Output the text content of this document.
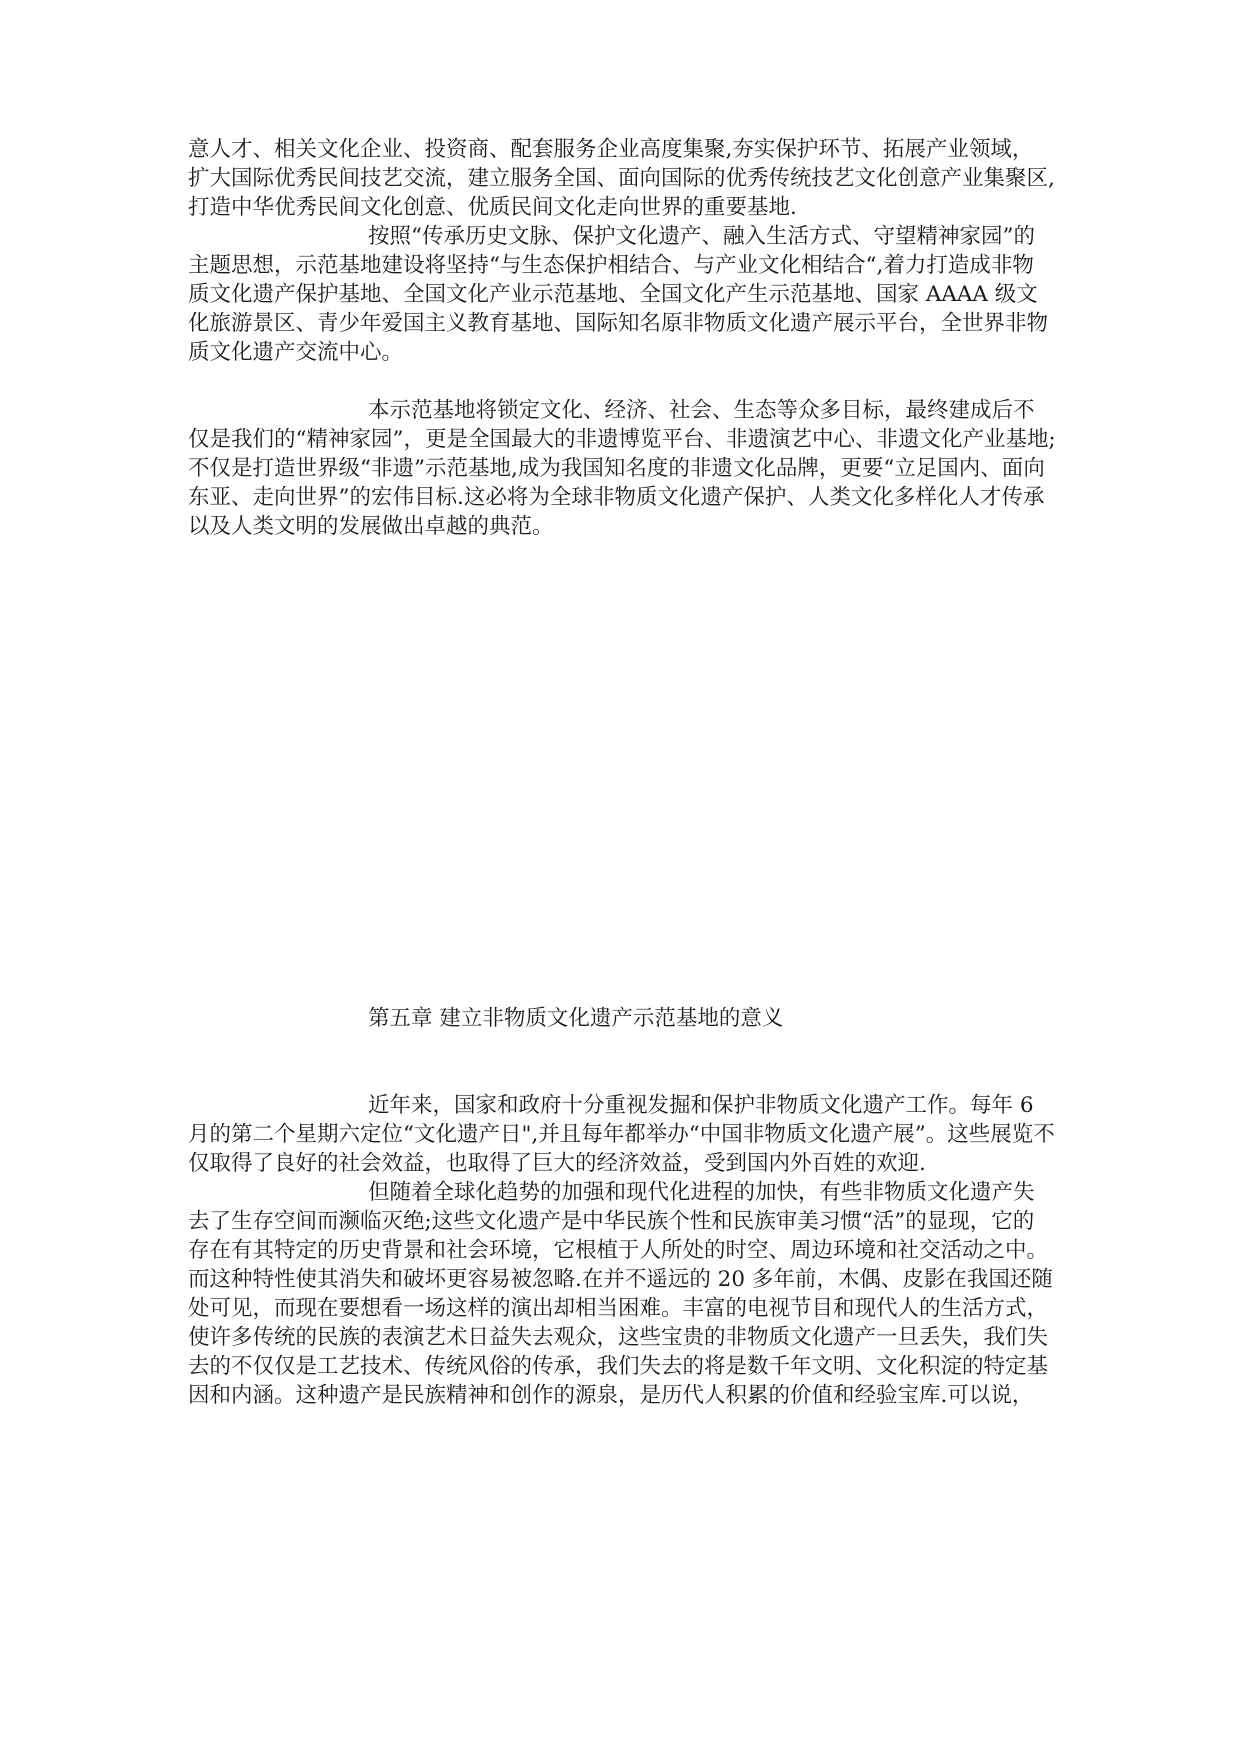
意人才、相关文化企业、投资商、配套服务企业高度集聚,夯实保护环节、拓展产业领域，
扩大国际优秀民间技艺交流，建立服务全国、面向国际的优秀传统技艺文化创意产业集聚区,
打造中华优秀民间文化创意、优质民间文化走向世界的重要基地.
按照“传承历史文脉、保护文化遗产、融入生活方式、守望精神家园”的
主题思想，示范基地建设将坚持“与生态保护相结合、与产业文化相结合“,着力打造成非物
质文化遗产保护基地、全国文化产业示范基地、全国文化产生示范基地、国家 AAAA 级文
化旅游景区、青少年爱国主义教育基地、国际知名原非物质文化遗产展示平台，全世界非物
质文化遗产交流中心。
本示范基地将锁定文化、经济、社会、生态等众多目标，最终建成后不
仅是我们的“精神家园”，更是全国最大的非遗博览平台、非遗演艺中心、非遗文化产业基地;
不仅是打造世界级“非遗”示范基地,成为我国知名度的非遗文化品牌，更要“立足国内、面向
东亚、走向世界”的宏伟目标.这必将为全球非物质文化遗产保护、人类文化多样化人才传承
以及人类文明的发展做出卓越的典范。
第五章 建立非物质文化遗产示范基地的意义
近年来，国家和政府十分重视发掘和保护非物质文化遗产工作。每年 6
月的第二个星期六定位“文化遗产日",并且每年都举办“中国非物质文化遗产展”。这些展览不
仅取得了良好的社会效益，也取得了巨大的经济效益，受到国内外百姓的欢迎.
但随着全球化趋势的加强和现代化进程的加快，有些非物质文化遗产失
去了生存空间而濒临灭绝;这些文化遗产是中华民族个性和民族审美习惯“活”的显现，它的
存在有其特定的历史背景和社会环境，它根植于人所处的时空、周边环境和社交活动之中。
而这种特性使其消失和破坏更容易被忽略.在并不遥远的 20 多年前，木偶、皮影在我国还随
处可见，而现在要想看一场这样的演出却相当困难。丰富的电视节目和现代人的生活方式，
使许多传统的民族的表演艺术日益失去观众，这些宝贵的非物质文化遗产一旦丢失，我们失
去的不仅仅是工艺技术、传统风俗的传承，我们失去的将是数千年文明、文化积淀的特定基
因和内涵。这种遗产是民族精神和创作的源泉，是历代人积累的价值和经验宝库.可以说，
